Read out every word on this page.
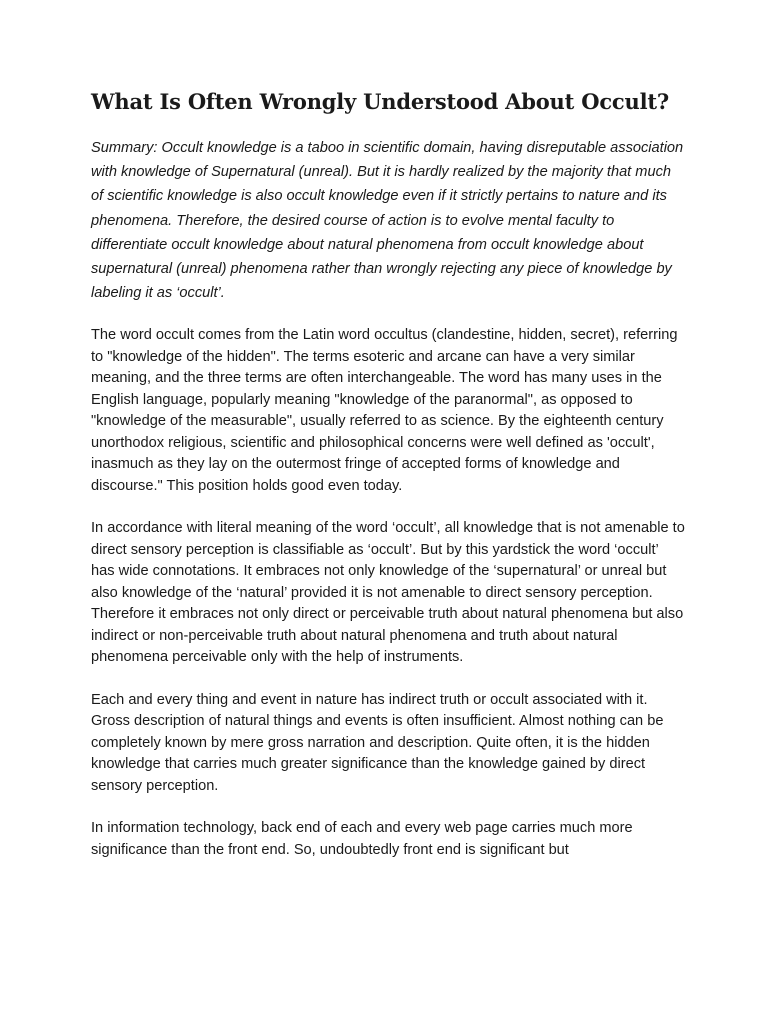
What Is Often Wrongly Understood About Occult?

Summary: Occult knowledge is a taboo in scientific domain, having disreputable association with knowledge of Supernatural (unreal). But it is hardly realized by the majority that much of scientific knowledge is also occult knowledge even if it strictly pertains to nature and its phenomena. Therefore, the desired course of action is to evolve mental faculty to differentiate occult knowledge about natural phenomena from occult knowledge about supernatural (unreal) phenomena rather than wrongly rejecting any piece of knowledge by labeling it as ‘occult’.

The word occult comes from the Latin word occultus (clandestine, hidden, secret), referring to "knowledge of the hidden". The terms esoteric and arcane can have a very similar meaning, and the three terms are often interchangeable. The word has many uses in the English language, popularly meaning "knowledge of the paranormal", as opposed to "knowledge of the measurable", usually referred to as science. By the eighteenth century unorthodox religious, scientific and philosophical concerns were well defined as 'occult', inasmuch as they lay on the outermost fringe of accepted forms of knowledge and discourse." This position holds good even today.

In accordance with literal meaning of the word ‘occult’, all knowledge that is not amenable to direct sensory perception is classifiable as ‘occult’. But by this yardstick the word ‘occult’ has wide connotations. It embraces not only knowledge of the ‘supernatural’ or unreal but also knowledge of the ‘natural’ provided it is not amenable to direct sensory perception. Therefore it embraces not only direct or perceivable truth about natural phenomena but also indirect or non-perceivable truth about natural phenomena and truth about natural phenomena perceivable only with the help of instruments.

Each and every thing and event in nature has indirect truth or occult associated with it. Gross description of natural things and events is often insufficient. Almost nothing can be completely known by mere gross narration and description. Quite often, it is the hidden knowledge that carries much greater significance than the knowledge gained by direct sensory perception.

In information technology, back end of each and every web page carries much more significance than the front end. So, undoubtedly front end is significant but
